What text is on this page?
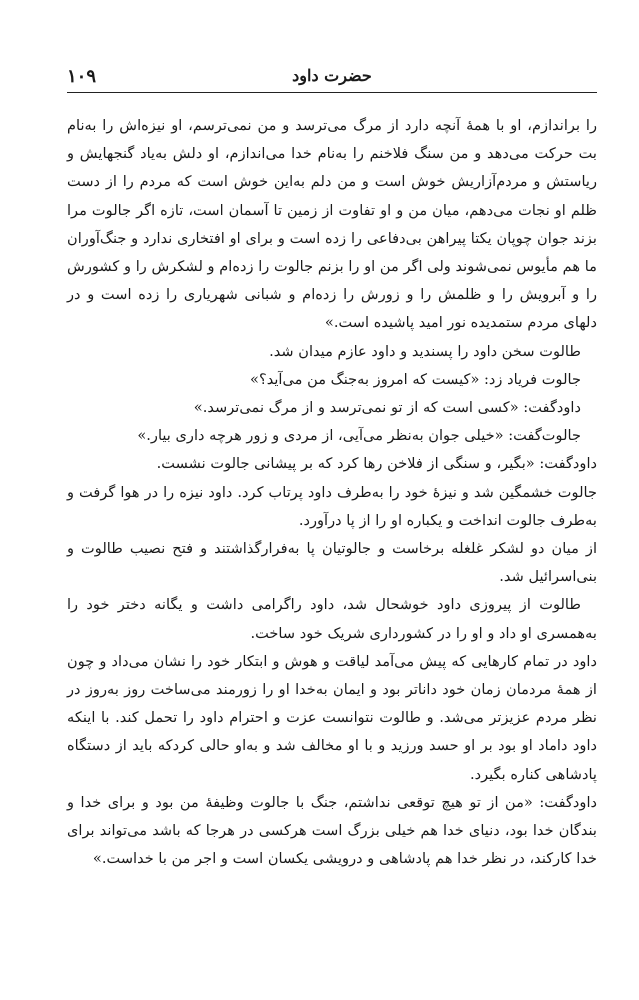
۱۰۹	حضرت داود

را براندازم، او با همهٔ آنچه دارد از مرگ می‌ترسد و من نمی‌ترسم، او نیزه‌اش را به‌نام بت حرکت می‌دهد و من سنگ فلاخنم را به‌نام خدا می‌اندازم، او دلش به‌یاد گنجهایش و ریاستش و مردم‌آزاریش خوش است و من دلم به‌این خوش است که مردم را از دست ظلم او نجات می‌دهم، میان من و او تفاوت از زمین تا آسمان است، تازه اگر جالوت مرا بزند جوان چوپان یکتا پیراهن بی‌دفاعی را زده است و برای او افتخاری ندارد و جنگ‌آوران ما هم مأیوس نمی‌شوند ولی اگر من او را بزنم جالوت را زده‌ام و لشکرش را و کشورش را و آبرویش را و ظلمش را و زورش را زده‌ام و شبانی شهریاری را زده است و در دلهای مردم ستمدیده نور امید پاشیده است.»

طالوت سخن داود را پسندید و داود عازم میدان شد.

جالوت فریاد زد: «کیست که امروز به‌جنگ من می‌آید؟»

داودگفت: «کسی است که از تو نمی‌ترسد و از مرگ نمی‌ترسد.»

جالوت‌گفت: «خیلی جوان به‌نظر می‌آیی، از مردی و زور هرچه داری بیار.»

داودگفت: «بگیر، و سنگی از فلاخن رها کرد که بر پیشانی جالوت نشست.

جالوت خشمگین شد و نیزهٔ خود را به‌طرف داود پرتاب کرد. داود نیزه را در هوا گرفت و به‌طرف جالوت انداخت و یکباره او را از پا درآورد.

از میان دو لشکر غلغله برخاست و جالوتیان پا به‌فرارگذاشتند و فتح نصیب طالوت و بنی‌اسرائیل شد.

طالوت از پیروزی داود خوشحال شد، داود راگرامی داشت و یگانه دختر خود را به‌همسری او داد و او را در کشورداری شریک خود ساخت.

داود در تمام کارهایی که پیش می‌آمد لیاقت و هوش و ابتکار خود را نشان می‌داد و چون از همهٔ مردمان زمان خود داناتر بود و ایمان به‌خدا او را زورمند می‌ساخت روز به‌روز در نظر مردم عزیزتر می‌شد. و طالوت نتوانست عزت و احترام داود را تحمل کند. با اینکه داود داماد او بود بر او حسد ورزید و با او مخالف شد و به‌او حالی کردکه باید از دستگاه پادشاهی کناره بگیرد.

داودگفت: «من از تو هیچ توقعی نداشتم، جنگ با جالوت وظیفهٔ من بود و برای خدا و بندگان خدا بود، دنیای خدا هم خیلی بزرگ است هرکسی در هرجا که باشد می‌تواند برای خدا کارکند، در نظر خدا هم پادشاهی و درویشی یکسان است و اجر من با خداست.»
